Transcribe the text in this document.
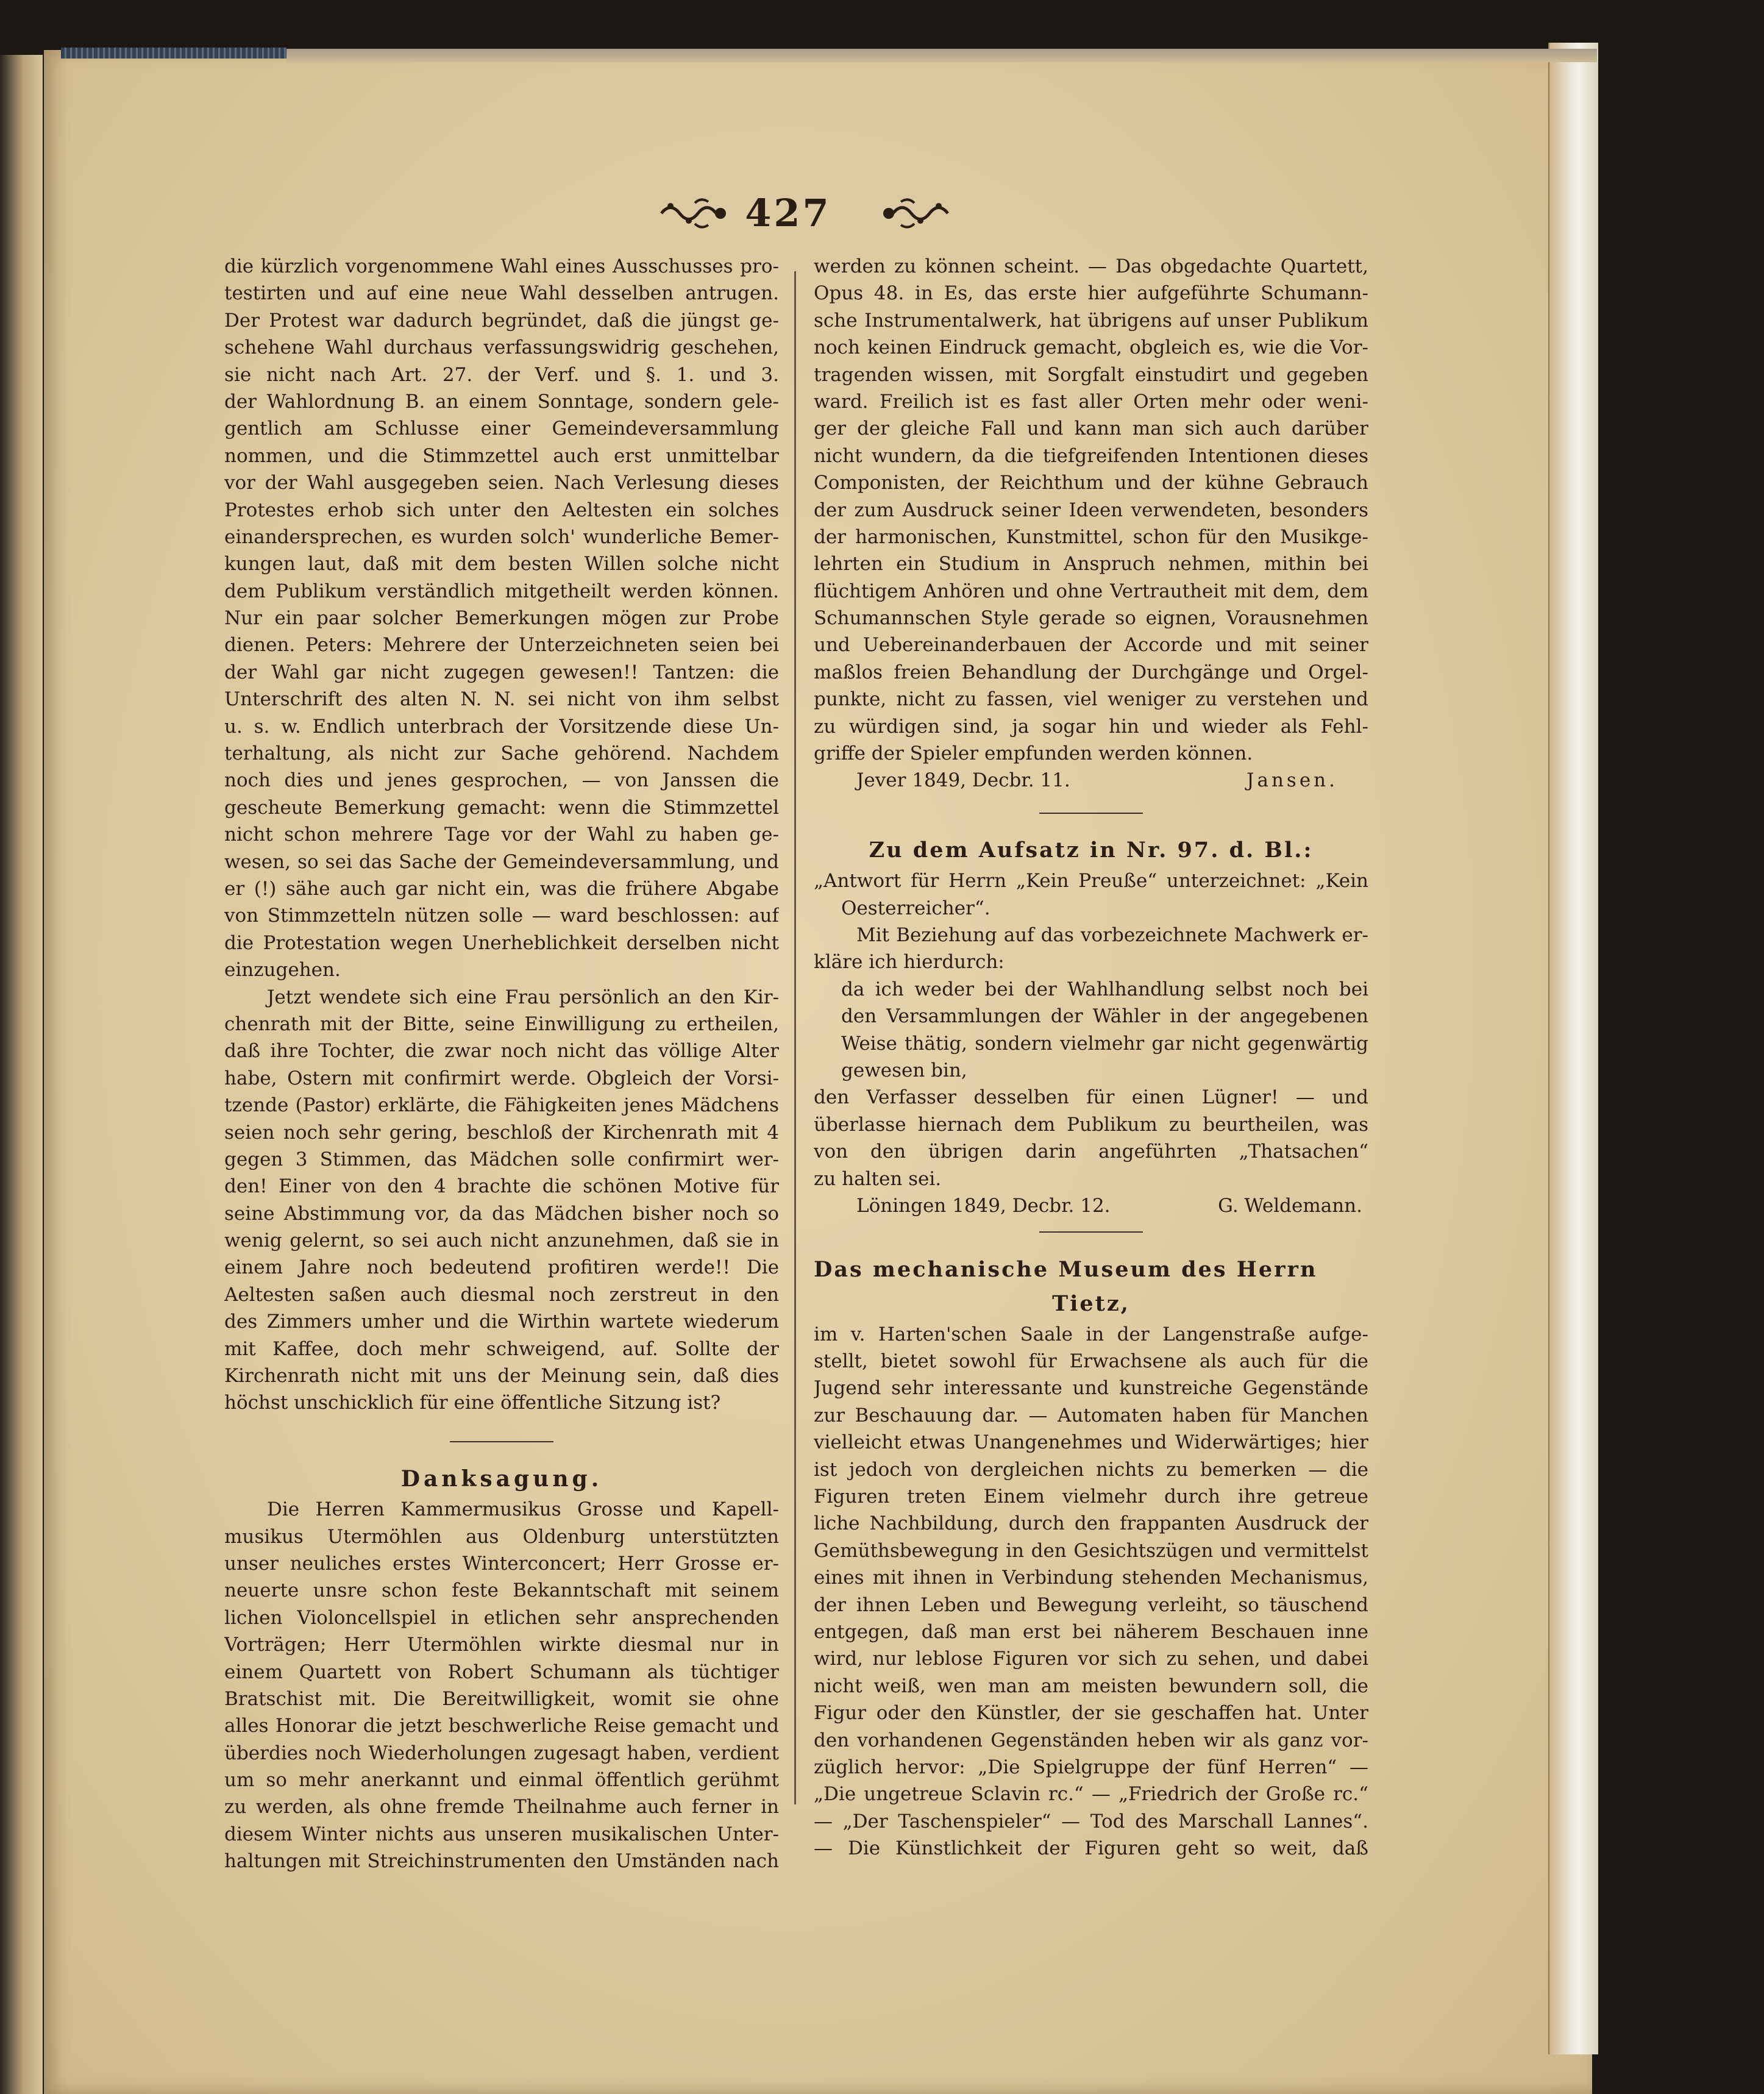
427
die kürzlich vorgenommene Wahl eines Ausschusses pro-
testirten und auf eine neue Wahl desselben antrugen.
Der Protest war dadurch begründet, daß die jüngst ge-
schehene Wahl durchaus verfassungswidrig geschehen,
sie nicht nach Art. 27. der Verf. und §. 1. und 3.
der Wahlordnung B. an einem Sonntage, sondern gele-
gentlich am Schlusse einer Gemeindeversammlung
nommen, und die Stimmzettel auch erst unmittelbar
vor der Wahl ausgegeben seien. Nach Verlesung dieses
Protestes erhob sich unter den Aeltesten ein solches
einandersprechen, es wurden solch' wunderliche Bemer-
kungen laut, daß mit dem besten Willen solche nicht
dem Publikum verständlich mitgetheilt werden können.
Nur ein paar solcher Bemerkungen mögen zur Probe
dienen. Peters: Mehrere der Unterzeichneten seien bei
der Wahl gar nicht zugegen gewesen!! Tantzen: die
Unterschrift des alten N. N. sei nicht von ihm selbst
u. s. w. Endlich unterbrach der Vorsitzende diese Un-
terhaltung, als nicht zur Sache gehörend. Nachdem
noch dies und jenes gesprochen, — von Janssen die
gescheute Bemerkung gemacht: wenn die Stimmzettel
nicht schon mehrere Tage vor der Wahl zu haben ge-
wesen, so sei das Sache der Gemeindeversammlung, und
er (!) sähe auch gar nicht ein, was die frühere Abgabe
von Stimmzetteln nützen solle — ward beschlossen: auf
die Protestation wegen Unerheblichkeit derselben nicht
einzugehen.
Jetzt wendete sich eine Frau persönlich an den Kir-
chenrath mit der Bitte, seine Einwilligung zu ertheilen,
daß ihre Tochter, die zwar noch nicht das völlige Alter
habe, Ostern mit confirmirt werde. Obgleich der Vorsi-
tzende (Pastor) erklärte, die Fähigkeiten jenes Mädchens
seien noch sehr gering, beschloß der Kirchenrath mit 4
gegen 3 Stimmen, das Mädchen solle confirmirt wer-
den! Einer von den 4 brachte die schönen Motive für
seine Abstimmung vor, da das Mädchen bisher noch so
wenig gelernt, so sei auch nicht anzunehmen, daß sie in
einem Jahre noch bedeutend profitiren werde!! Die
Aeltesten saßen auch diesmal noch zerstreut in den
des Zimmers umher und die Wirthin wartete wiederum
mit Kaffee, doch mehr schweigend, auf. Sollte der
Kirchenrath nicht mit uns der Meinung sein, daß dies
höchst unschicklich für eine öffentliche Sitzung ist?
Danksagung.
Die Herren Kammermusikus Grosse und Kapell-
musikus Utermöhlen aus Oldenburg unterstützten
unser neuliches erstes Winterconcert; Herr Grosse er-
neuerte unsre schon feste Bekanntschaft mit seinem
lichen Violoncellspiel in etlichen sehr ansprechenden
Vorträgen; Herr Utermöhlen wirkte diesmal nur in
einem Quartett von Robert Schumann als tüchtiger
Bratschist mit. Die Bereitwilligkeit, womit sie ohne
alles Honorar die jetzt beschwerliche Reise gemacht und
überdies noch Wiederholungen zugesagt haben, verdient
um so mehr anerkannt und einmal öffentlich gerühmt
zu werden, als ohne fremde Theilnahme auch ferner in
diesem Winter nichts aus unseren musikalischen Unter-
haltungen mit Streichinstrumenten den Umständen nach
werden zu können scheint. — Das obgedachte Quartett,
Opus 48. in Es, das erste hier aufgeführte Schumann-
sche Instrumentalwerk, hat übrigens auf unser Publikum
noch keinen Eindruck gemacht, obgleich es, wie die Vor-
tragenden wissen, mit Sorgfalt einstudirt und gegeben
ward. Freilich ist es fast aller Orten mehr oder weni-
ger der gleiche Fall und kann man sich auch darüber
nicht wundern, da die tiefgreifenden Intentionen dieses
Componisten, der Reichthum und der kühne Gebrauch
der zum Ausdruck seiner Ideen verwendeten, besonders
der harmonischen, Kunstmittel, schon für den Musikge-
lehrten ein Studium in Anspruch nehmen, mithin bei
flüchtigem Anhören und ohne Vertrautheit mit dem, dem
Schumannschen Style gerade so eignen, Vorausnehmen
und Uebereinanderbauen der Accorde und mit seiner
maßlos freien Behandlung der Durchgänge und Orgel-
punkte, nicht zu fassen, viel weniger zu verstehen und
zu würdigen sind, ja sogar hin und wieder als Fehl-
griffe der Spieler empfunden werden können.
Jever 1849, Decbr. 11.	Jansen.
Zu dem Aufsatz in Nr. 97. d. Bl.:
„Antwort für Herrn „Kein Preuße“ unterzeichnet: „Kein
Oesterreicher“.
Mit Beziehung auf das vorbezeichnete Machwerk er-
kläre ich hierdurch:
da ich weder bei der Wahlhandlung selbst noch bei
den Versammlungen der Wähler in der angegebenen
Weise thätig, sondern vielmehr gar nicht gegenwärtig
gewesen bin,
den Verfasser desselben für einen Lügner! — und
überlasse hiernach dem Publikum zu beurtheilen, was
von den übrigen darin angeführten „Thatsachen“
zu halten sei.
Löningen 1849, Decbr. 12.	G. Weldemann.
Das mechanische Museum des Herrn
Tietz,
im v. Harten'schen Saale in der Langenstraße aufge-
stellt, bietet sowohl für Erwachsene als auch für die
Jugend sehr interessante und kunstreiche Gegenstände
zur Beschauung dar. — Automaten haben für Manchen
vielleicht etwas Unangenehmes und Widerwärtiges; hier
ist jedoch von dergleichen nichts zu bemerken — die
Figuren treten Einem vielmehr durch ihre getreue
liche Nachbildung, durch den frappanten Ausdruck der
Gemüthsbewegung in den Gesichtszügen und vermittelst
eines mit ihnen in Verbindung stehenden Mechanismus,
der ihnen Leben und Bewegung verleiht, so täuschend
entgegen, daß man erst bei näherem Beschauen inne
wird, nur leblose Figuren vor sich zu sehen, und dabei
nicht weiß, wen man am meisten bewundern soll, die
Figur oder den Künstler, der sie geschaffen hat. Unter
den vorhandenen Gegenständen heben wir als ganz vor-
züglich hervor: „Die Spielgruppe der fünf Herren“ —
„Die ungetreue Sclavin rc.“ — „Friedrich der Große rc.“
— „Der Taschenspieler“ — Tod des Marschall Lannes“.
— Die Künstlichkeit der Figuren geht so weit, daß
